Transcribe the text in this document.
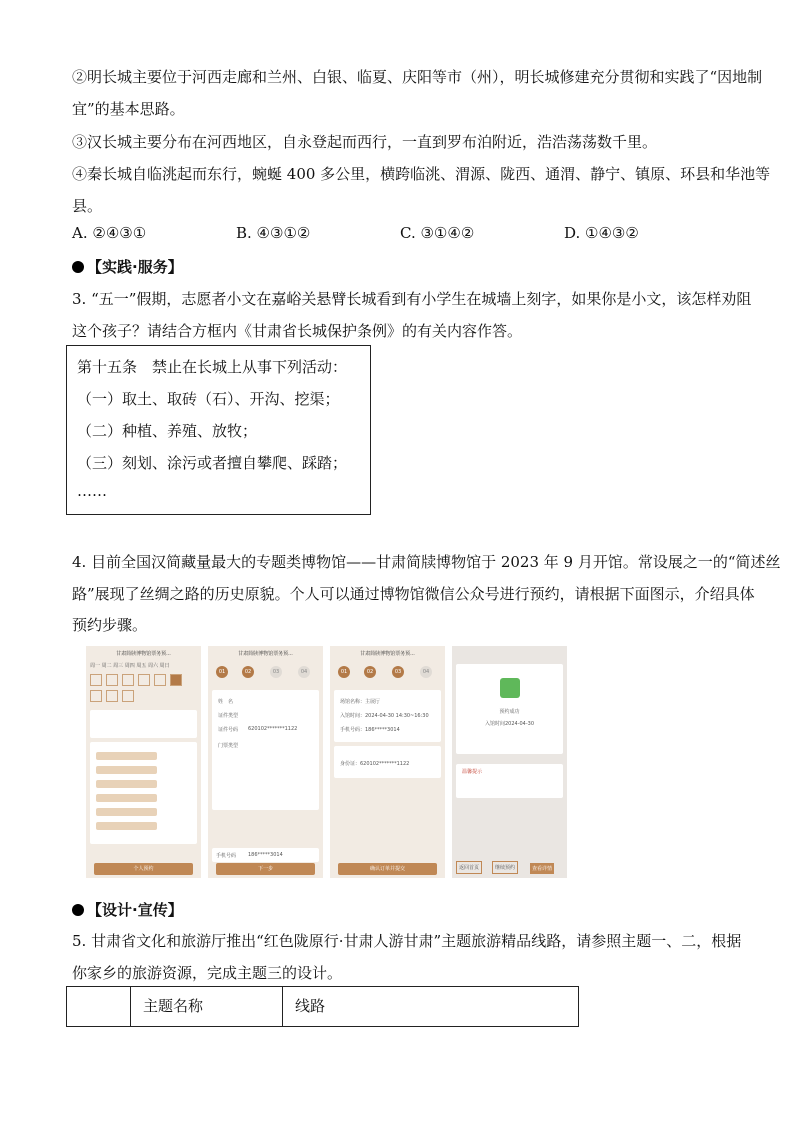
②明长城主要位于河西走廊和兰州、白银、临夏、庆阳等市（州），明长城修建充分贯彻和实践了“因地制
宜”的基本思路。
③汉长城主要分布在河西地区，自永登起而西行，一直到罗布泊附近，浩浩荡荡数千里。
④秦长城自临洮起而东行，蜿蜒 400 多公里，横跨临洮、渭源、陇西、通渭、静宁、镇原、环县和华池等
县。
A. ②④③①	B. ④③①②	C. ③①④②	D. ①④③②
【实践·服务】
3. “五一”假期，志愿者小文在嘉峪关悬臂长城看到有小学生在城墙上刻字，如果你是小文，该怎样劝阻
这个孩子？请结合方框内《甘肃省长城保护条例》的有关内容作答。
第十五条　禁止在长城上从事下列活动：
（一）取土、取砖（石）、开沟、挖渠；
（二）种植、养殖、放牧；
（三）刻划、涂污或者擅自攀爬、踩踏；
……
4. 目前全国汉简藏量最大的专题类博物馆——甘肃简牍博物馆于 2023 年 9 月开馆。常设展之一的“简述丝
路”展现了丝绸之路的历史原貌。个人可以通过博物馆微信公众号进行预约，请根据下面图示，介绍具体
预约步骤。
甘肃简牍博物馆票务预...
周一 周二 周三 周四 周五 周六 周日
个人预约
甘肃简牍博物馆票务预...
01	02	03	04
姓　名
证件类型
证件号码 620102*******1122
门票类型
手机号码 186*****3014
下一步
甘肃简牍博物馆票务预...
01	02	03	04
场馆名称：主展厅
入馆时间：2024-04-30 14:30~16:30
手机号码：186*****3014
身份证：620102*******1122
确认订单并提交
预约成功
入馆时间2024-04-30
温馨提示
返回首页	继续预约	查看详情
【设计·宣传】
5. 甘肃省文化和旅游厅推出“红色陇原行·甘肃人游甘肃”主题旅游精品线路，请参照主题一、二，根据
你家乡的旅游资源，完成主题三的设计。
主题名称	线路
